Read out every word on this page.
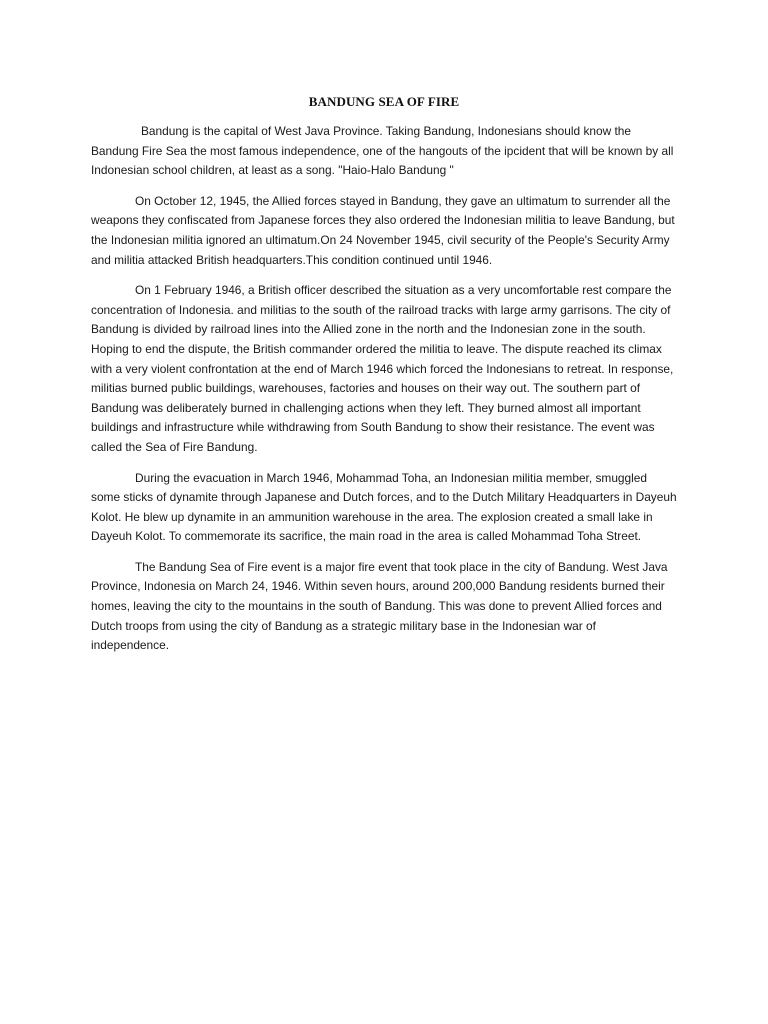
BANDUNG SEA OF FIRE

Bandung is the capital of West Java Province. Taking Bandung, Indonesians should know the Bandung Fire Sea the most famous independence, one of the hangouts of the ipcident that will be known by all Indonesian school children, at least as a song. "Haio-Halo Bandung "

On October 12, 1945, the Allied forces stayed in Bandung, they gave an ultimatum to surrender all the weapons they confiscated from Japanese forces they also ordered the Indonesian militia to leave Bandung, but the Indonesian militia ignored an ultimatum.On 24 November 1945, civil security of the People's Security Army and militia attacked British headquarters.This condition continued until 1946.

On 1 February 1946, a British officer described the situation as a very uncomfortable rest compare the concentration of Indonesia. and militias to the south of the railroad tracks with large army garrisons. The city of Bandung is divided by railroad lines into the Allied zone in the north and the Indonesian zone in the south. Hoping to end the dispute, the British commander ordered the militia to leave. The dispute reached its climax with a very violent confrontation at the end of March 1946 which forced the Indonesians to retreat. In response, militias burned public buildings, warehouses, factories and houses on their way out. The southern part of Bandung was deliberately burned in challenging actions when they left. They burned almost all important buildings and infrastructure while withdrawing from South Bandung to show their resistance. The event was called the Sea of Fire Bandung.

During the evacuation in March 1946, Mohammad Toha, an Indonesian militia member, smuggled some sticks of dynamite through Japanese and Dutch forces, and to the Dutch Military Headquarters in Dayeuh Kolot. He blew up dynamite in an ammunition warehouse in the area. The explosion created a small lake in Dayeuh Kolot. To commemorate its sacrifice, the main road in the area is called Mohammad Toha Street.

The Bandung Sea of Fire event is a major fire event that took place in the city of Bandung. West Java Province, Indonesia on March 24, 1946. Within seven hours, around 200,000 Bandung residents burned their homes, leaving the city to the mountains in the south of Bandung. This was done to prevent Allied forces and Dutch troops from using the city of Bandung as a strategic military base in the Indonesian war of independence.
